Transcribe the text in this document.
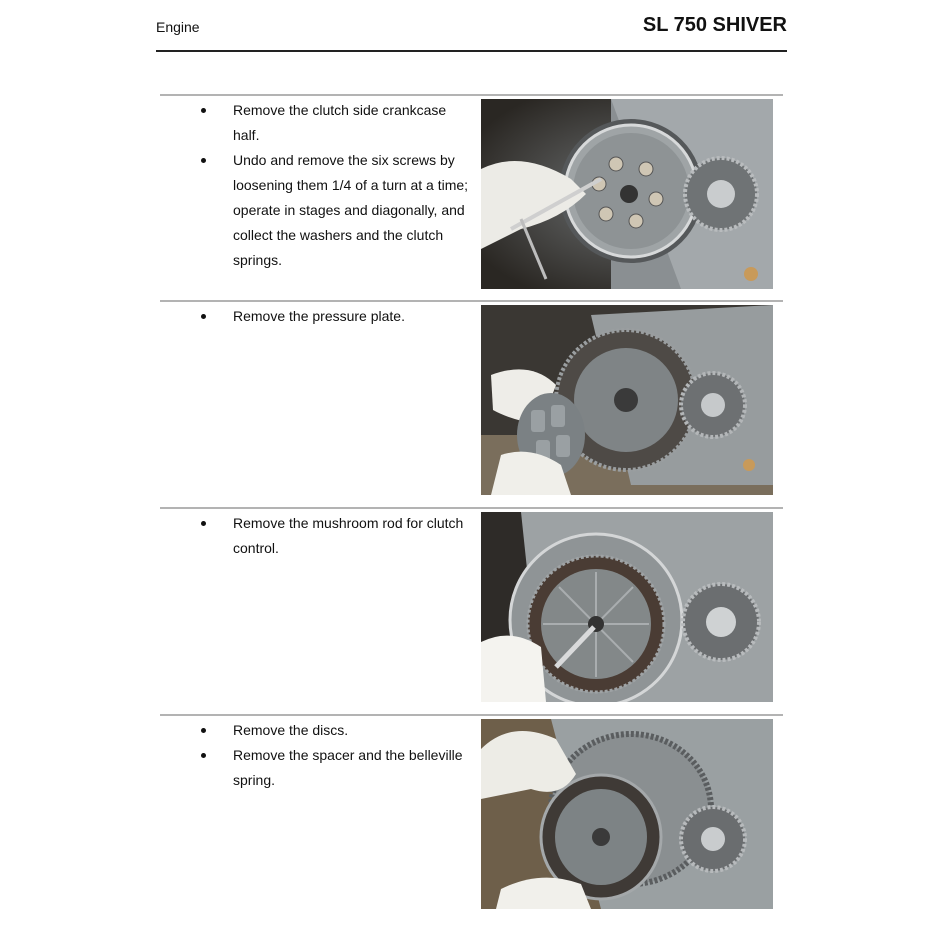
Engine	SL 750 SHIVER
Remove the clutch side crankcase
half.
Undo and remove the six screws by
loosening them 1/4 of a turn at a time;
operate in stages and diagonally, and
collect the washers and the clutch
springs.
Remove the pressure plate.
Remove the mushroom rod for clutch
control.
Remove the discs.
Remove the spacer and the belleville
spring.
